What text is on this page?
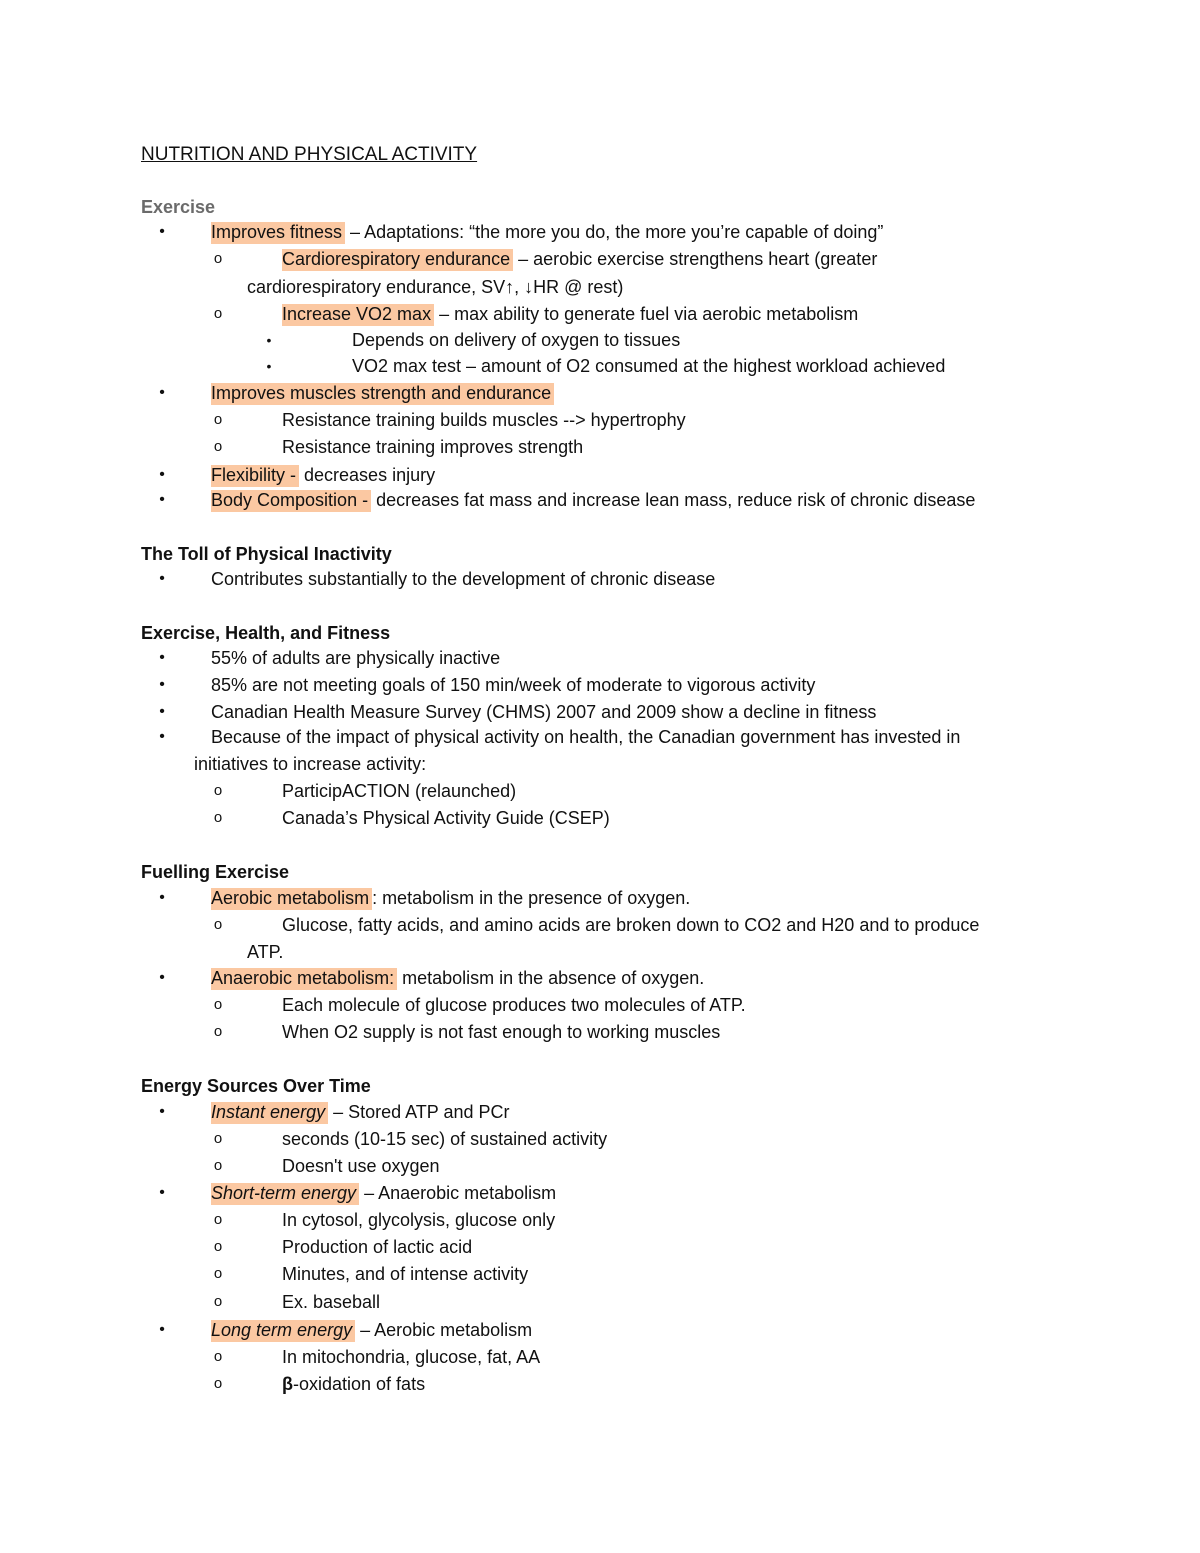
NUTRITION AND PHYSICAL ACTIVITY
Exercise
•	Improves fitness – Adaptations: “the more you do, the more you’re capable of doing”
o	Cardiorespiratory endurance – aerobic exercise strengthens heart (greater
cardiorespiratory endurance, SV↑, ↓HR @ rest)
o	Increase VO2 max – max ability to generate fuel via aerobic metabolism
•	Depends on delivery of oxygen to tissues
•	VO2 max test – amount of O2 consumed at the highest workload achieved
•	Improves muscles strength and endurance
o	Resistance training builds muscles --> hypertrophy
o	Resistance training improves strength
•	Flexibility - decreases injury
•	Body Composition - decreases fat mass and increase lean mass, reduce risk of chronic disease
The Toll of Physical Inactivity
•	Contributes substantially to the development of chronic disease
Exercise, Health, and Fitness
•	55% of adults are physically inactive
•	85% are not meeting goals of 150 min/week of moderate to vigorous activity
•	Canadian Health Measure Survey (CHMS) 2007 and 2009 show a decline in fitness
•	Because of the impact of physical activity on health, the Canadian government has invested in
initiatives to increase activity:
o	ParticipACTION (relaunched)
o	Canada’s Physical Activity Guide (CSEP)
Fuelling Exercise
•	Aerobic metabolism : metabolism in the presence of oxygen.
o	Glucose, fatty acids, and amino acids are broken down to CO2 and H20 and to produce
ATP.
•	Anaerobic metabolism: metabolism in the absence of oxygen.
o	Each molecule of glucose produces two molecules of ATP.
o	When O2 supply is not fast enough to working muscles
Energy Sources Over Time
•	Instant energy – Stored ATP and PCr
o	seconds (10-15 sec) of sustained activity
o	Doesn't use oxygen
•	Short-term energy – Anaerobic metabolism
o	In cytosol, glycolysis, glucose only
o	Production of lactic acid
o	Minutes, and of intense activity
o	Ex. baseball
•	Long term energy – Aerobic metabolism
o	In mitochondria, glucose, fat, AA
o	β-oxidation of fats
